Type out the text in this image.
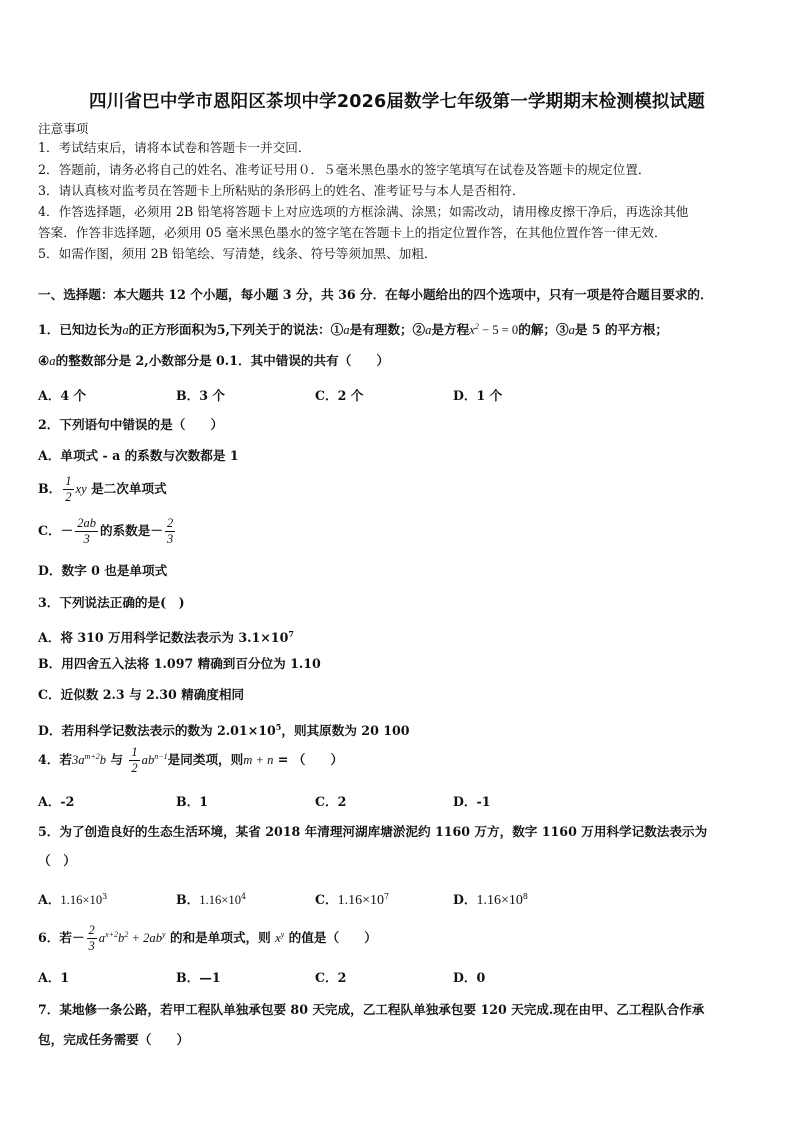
四川省巴中学市恩阳区茶坝中学2026届数学七年级第一学期期末检测模拟试题
注意事项
1．考试结束后，请将本试卷和答题卡一并交回．
2．答题前，请务必将自己的姓名、准考证号用０．５毫米黑色墨水的签字笔填写在试卷及答题卡的规定位置．
3．请认真核对监考员在答题卡上所粘贴的条形码上的姓名、准考证号与本人是否相符．
4．作答选择题，必须用 2B 铅笔将答题卡上对应选项的方框涂满、涂黑；如需改动，请用橡皮擦干净后，再选涂其他
答案．作答非选择题，必须用 05 毫米黑色墨水的签字笔在答题卡上的指定位置作答，在其他位置作答一律无效．
5．如需作图，须用 2B 铅笔绘、写清楚，线条、符号等须加黑、加粗．
一、选择题：本大题共 12 个小题，每小题 3 分，共 36 分．在每小题给出的四个选项中，只有一项是符合题目要求的．
1．已知边长为a的正方形面积为5,下列关于的说法：①a是有理数；②a是方程$x^2 - 5 = 0$的解；③a是 5 的平方根；
④a的整数部分是 2,小数部分是 0.1．其中错误的共有（　　）
A．4 个	B．3 个	C．2 个	D．1 个
2．下列语句中错误的是（　　）
A．单项式 - a 的系数与次数都是 1
B． $\frac{1}{2}$ xy 是二次单项式
C．－ $\frac{2ab}{3}$ 的系数是－ $\frac{2}{3}$
D．数字 0 也是单项式
3．下列说法正确的是(　)
A．将 310 万用科学记数法表示为 $3.1\times 10^7$
B．用四舍五入法将 1.097 精确到百分位为 1.10
C．近似数 2.3 与 2.30 精确度相同
D．若用科学记数法表示的数为 $2.01\times 10^5$，则其原数为 20 100
4．若$3a^{m+2}b$ 与 $\frac{1}{2} ab^{n-1}$是同类项，则m + n = （　　）
A．-2	B．1	C．2	D．-1
5．为了创造良好的生态生活环境，某省 2018 年清理河湖库塘淤泥约 1160 万方，数字 1160 万用科学记数法表示为
（　）
A．$1.16\times 10^3$	B．$1.16\times 10^4$	C．$1.16\times 10^7$	D．$1.16\times 10^8$
6．若－ $\frac{2}{3} a^{x+2}b^2 + 2ab^y$ 的和是单项式，则 $x^y$ 的值是（　　）
A．1	B．—1	C．2	D．0
7．某地修一条公路，若甲工程队单独承包要 80 天完成，乙工程队单独承包要 120 天完成.现在由甲、乙工程队合作承
包，完成任务需要（　　）
